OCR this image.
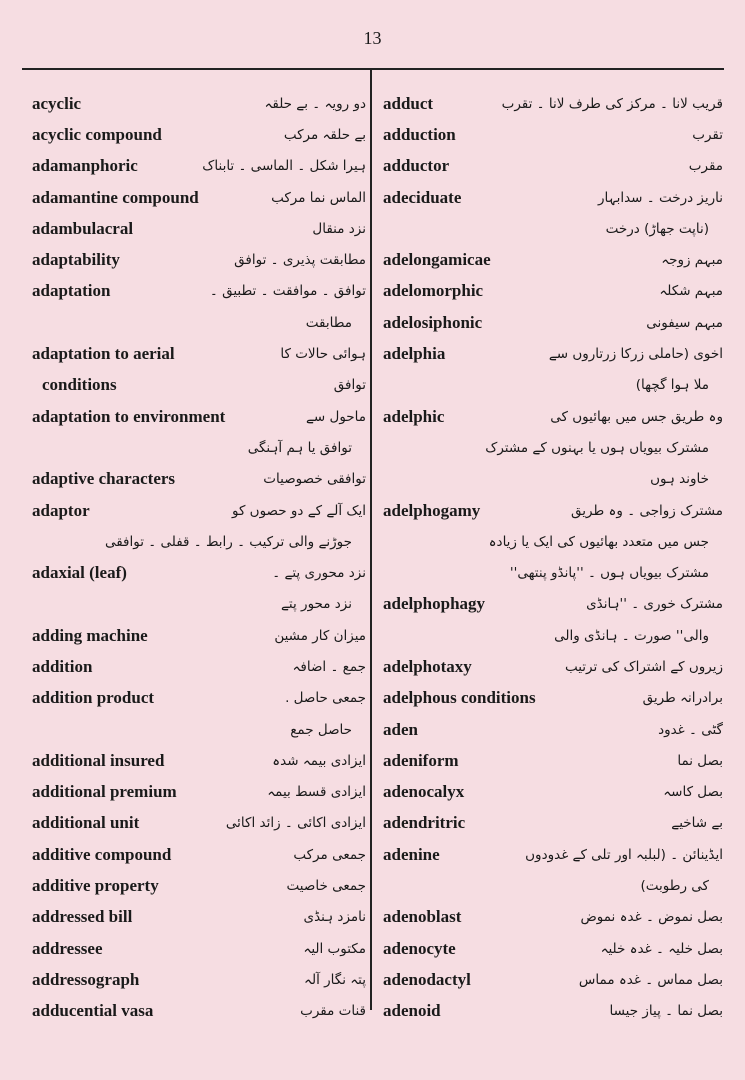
13
acyclic	دو رویہ ۔ بے حلقہ
acyclic compound	بے حلقہ مرکب
adamanphoric	ہیرا شکل ۔ الماسی ۔ تابناک
adamantine compound	الماس نما مرکب
adambulacral	نزد منقال
adaptability	مطابقت پذیری ۔ توافق
adaptation	توافق ۔ موافقت ۔ تطبیق ۔
مطابقت
adaptation to aerial	ہوائی حالات کا
conditions	توافق
adaptation to environment	ماحول سے
توافق یا ہم آہنگی
adaptive characters	توافقی خصوصیات
adaptor	ایک آلے کے دو حصوں کو
جوڑنے والی ترکیب ۔ رابط ۔ قفلی ۔ توافقی
adaxial (leaf)	نزد محوری پتے ۔
نزد محور پتے
adding machine	میزان کار مشین
addition	جمع ۔ اضافہ
addition product	جمعی حاصل .
حاصل جمع
additional insured	ایزادی بیمہ شدہ
additional premium	ایزادی قسط بیمہ
additional unit	ایزادی اکائی ۔ زائد اکائی
additive compound	جمعی مرکب
additive property	جمعی خاصیت
addressed bill	نامزد ہنڈی
addressee	مکتوب الیہ
addressograph	پتہ نگار آلہ
adducential vasa	قنات مقرب
adduct	قریب لانا ۔ مرکز کی طرف لانا ۔ تقرب
adduction	تقرب
adductor	مقرب
adeciduate	ناریز درخت ۔ سدابہار
(ناپت جھاڑ) درخت
adelongamicae	مبہم زوجہ
adelomorphic	مبہم شکلہ
adelosiphonic	مبہم سیفونی
adelphia	اخوی (حاملی زرکا زرتاروں سے
ملا ہوا گچھا)
adelphic	وہ طریق جس میں بھائیوں کی
مشترک بیویاں ہوں یا بہنوں کے مشترک
خاوند ہوں
adelphogamy	مشترک زواجی ۔ وہ طریق
جس میں متعدد بھائیوں کی ایک یا زیادہ
مشترک بیویاں ہوں ۔ ''پانڈو پنتھی''
adelphophagy	مشترک خوری ۔ ''ہانڈی
والی'' صورت ۔ ہانڈی والی
adelphotaxy	زیروں کے اشتراک کی ترتیب
adelphous conditions	برادرانہ طریق
aden	گٹی ۔ غدود
adeniform	بصل نما
adenocalyx	بصل کاسہ
adendritric	بے شاخیے
adenine	ایڈینائن ۔ (لبلبہ اور تلی کے غدودوں
کی رطوبت)
adenoblast	بصل نموض ۔ غدہ نموض
adenocyte	بصل خلیہ ۔ غدہ خلیہ
adenodactyl	بصل مماس ۔ غدہ مماس
adenoid	بصل نما ۔ پیاز جیسا
